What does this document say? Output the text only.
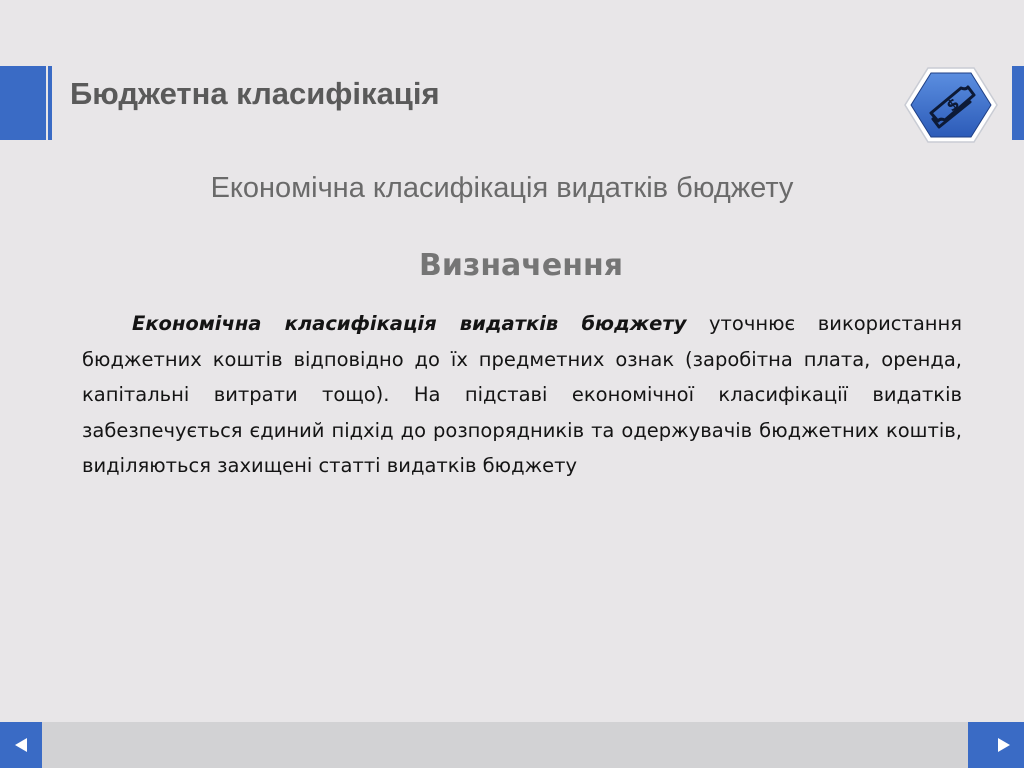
Бюджетна класифікація	$

Економічна класифікація видатків бюджету

Визначення

Економічна класифікація видатків бюджету уточнює використання бюджетних коштів відповідно до їх предметних ознак (заробітна плата, оренда, капітальні витрати тощо). На підставі економічної класифікації видатків забезпечується єдиний підхід до розпорядників та одержувачів бюджетних коштів, виділяються захищені статті видатків бюджету
